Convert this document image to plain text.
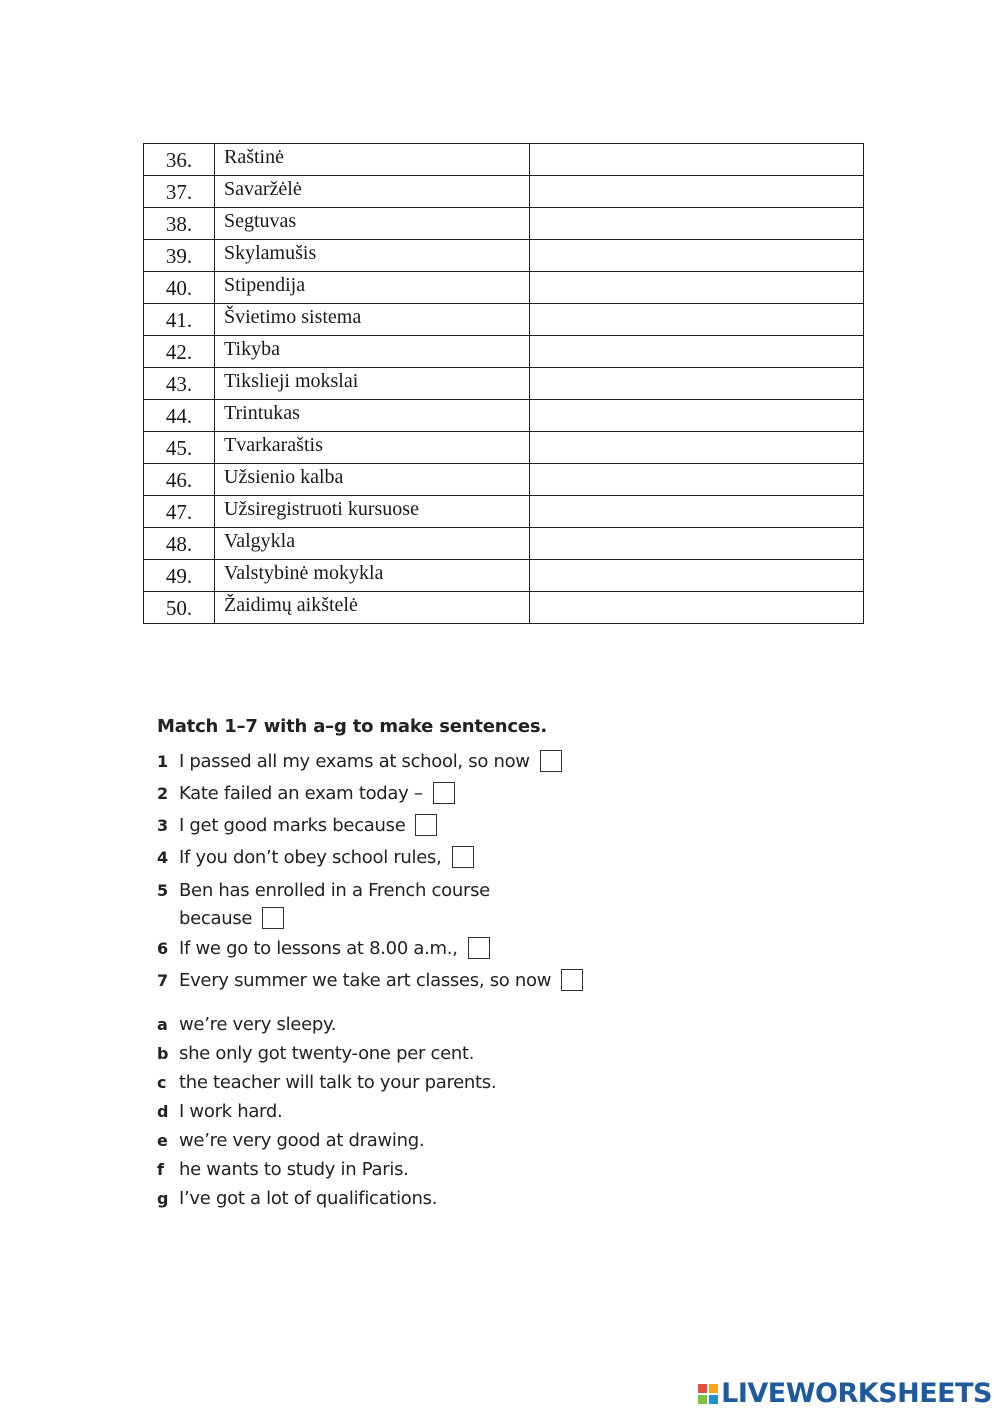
36.	Raštinė	
37.	Savaržėlė	
38.	Segtuvas	
39.	Skylamušis	
40.	Stipendija	
41.	Švietimo sistema	
42.	Tikyba	
43.	Tikslieji mokslai	
44.	Trintukas	
45.	Tvarkaraštis	
46.	Užsienio kalba	
47.	Užsiregistruoti kursuose	
48.	Valgykla	
49.	Valstybinė mokykla	
50.	Žaidimų aikštelė	

Match 1–7 with a–g to make sentences.

1 I passed all my exams at school, so now
2 Kate failed an exam today –
3 I get good marks because
4 If you don’t obey school rules,
5 Ben has enrolled in a French course
because
6 If we go to lessons at 8.00 a.m.,
7 Every summer we take art classes, so now
a we’re very sleepy.
b she only got twenty-one per cent.
c the teacher will talk to your parents.
d I work hard.
e we’re very good at drawing.
f he wants to study in Paris.
g I’ve got a lot of qualifications.
LIVEWORKSHEETS
